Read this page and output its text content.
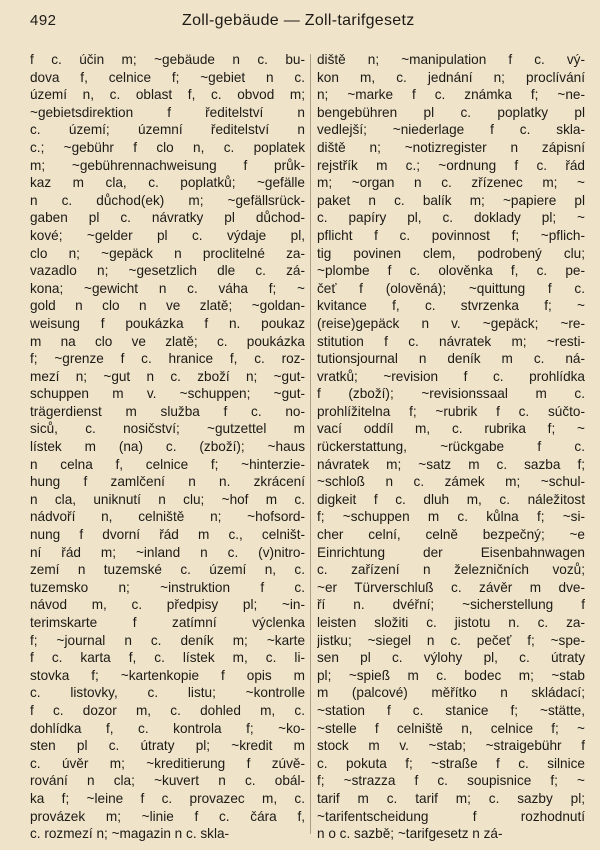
492	Zoll-gebäude — Zoll-tarifgesetz
f c. účin m; ~gebäude n c. bu-
dova f, celnice f; ~gebiet n c.
území n, c. oblast f, c. obvod m;
~gebietsdirektion f ředitelství n
c. území; územní ředitelství n
c.; ~gebühr f clo n, c. poplatek
m; ~gebührennachweisung f průk-
kaz m cla, c. poplatků; ~gefälle
n c. důchod(ek) m; ~gefällsrück-
gaben pl c. návratky pl důchod-
kové; ~gelder pl c. výdaje pl,
clo n; ~gepäck n proclitelné za-
vazadlo n; ~gesetzlich dle c. zá-
kona; ~gewicht n c. váha f; ~
gold n clo n ve zlatě; ~goldan-
weisung f poukázka f n. poukaz
m na clo ve zlatě; c. poukázka
f; ~grenze f c. hranice f, c. roz-
mezí n; ~gut n c. zboží n; ~gut-
schuppen m v. ~schuppen; ~gut-
trägerdienst m služba f c. no-
siců, c. nosičství; ~gutzettel m
lístek m (na) c. (zboží); ~haus
n celna f, celnice f; ~hinterzie-
hung f zamlčení n n. zkrácení
n cla, uniknutí n clu; ~hof m c.
nádvoří n, celniště n; ~hofsord-
nung f dvorní řád m c., celništ-
ní řád m; ~inland n c. (v)nitro-
zemí n tuzemské c. území n, c.
tuzemsko n; ~instruktion f c.
návod m, c. předpisy pl; ~in-
terimskarte f zatímní výclenka
f; ~journal n c. deník m; ~karte
f c. karta f, c. lístek m, c. li-
stovka f; ~kartenkopie f opis m
c. listovky, c. listu; ~kontrolle
f c. dozor m, c. dohled m, c.
dohlídka f, c. kontrola f; ~ko-
sten pl c. útraty pl; ~kredit m
c. úvěr m; ~kreditierung f zúvě-
rování n cla; ~kuvert n c. obál-
ka f; ~leine f c. provazec m, c.
provázek m; ~linie f c. čára f,
c. rozmezí n; ~magazin n c. skla-
diště n; ~manipulation f c. vý-
kon m, c. jednání n; proclívání
n; ~marke f c. známka f; ~ne-
bengebühren pl c. poplatky pl
vedlejší; ~niederlage f c. skla-
diště n; ~notizregister n zápisní
rejstřík m c.; ~ordnung f c. řád
m; ~organ n c. zřízenec m; ~
paket n c. balík m; ~papiere pl
c. papíry pl, c. doklady pl; ~
pflicht f c. povinnost f; ~pflich-
tig povinen clem, podrobený clu;
~plombe f c. olověnka f, c. pe-
čeť f (olověná); ~quittung f c.
kvitance f, c. stvrzenka f; ~
(reise)gepäck n v. ~gepäck; ~re-
stitution f c. návratek m; ~resti-
tutionsjournal n deník m c. ná-
vratků; ~revision f c. prohlídka
f (zboží); ~revisionssaal m c.
prohlížitelna f; ~rubrik f c. súčto-
vací oddíl m, c. rubrika f; ~
rückerstattung, ~rückgabe f c.
návratek m; ~satz m c. sazba f;
~schloß n c. zámek m; ~schul-
digkeit f c. dluh m, c. náležitost
f; ~schuppen m c. kůlna f; ~si-
cher celní, celně bezpečný; ~e
Einrichtung der Eisenbahnwagen
c. zařízení n železničních vozů;
~er Türverschluß c. závěr m dve-
ří n. dvéřní; ~sicherstellung f
leisten složiti c. jistotu n. c. za-
jistku; ~siegel n c. pečeť f; ~spe-
sen pl c. výlohy pl, c. útraty
pl; ~spieß m c. bodec m; ~stab
m (palcové) měřítko n skládací;
~station f c. stanice f; ~stätte,
~stelle f celniště n, celnice f; ~
stock m v. ~stab; ~straigebühr f
c. pokuta f; ~straße f c. silnice
f; ~strazza f c. soupisnice f; ~
tarif m c. tarif m; c. sazby pl;
~tarifentscheidung f rozhodnutí
n o c. sazbě; ~tarifgesetz n zá-
